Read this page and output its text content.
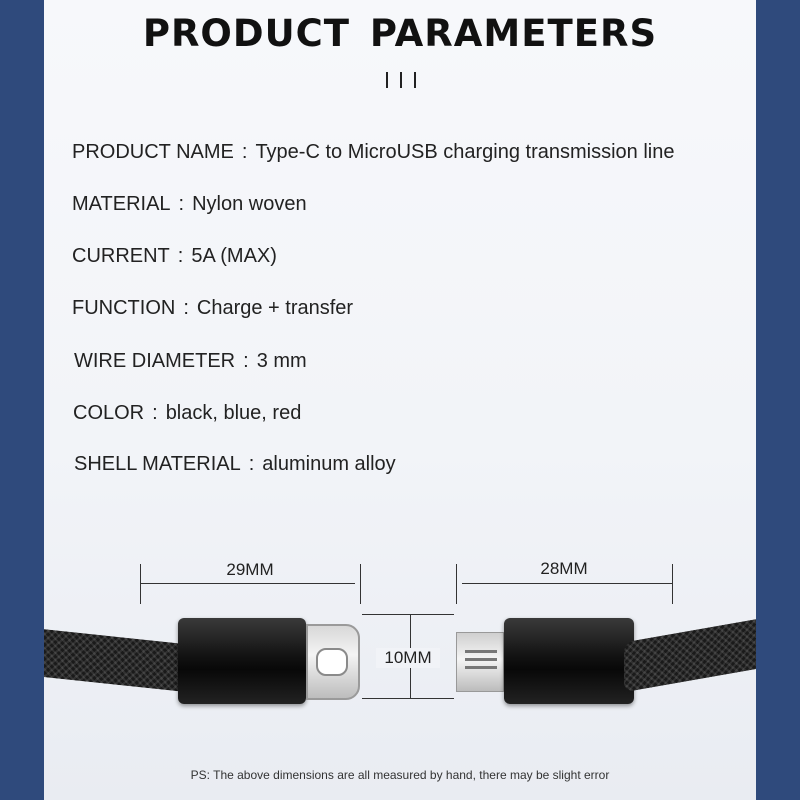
PRODUCT PARAMETERS
PRODUCT NAME : Type-C to MicroUSB charging transmission line
MATERIAL : Nylon woven
CURRENT : 5A (MAX)
FUNCTION : Charge + transfer
WIRE DIAMETER : 3 mm
COLOR : black, blue, red
SHELL MATERIAL : aluminum alloy
29MM	28MM
10MM
PS: The above dimensions are all measured by hand, there may be slight error
